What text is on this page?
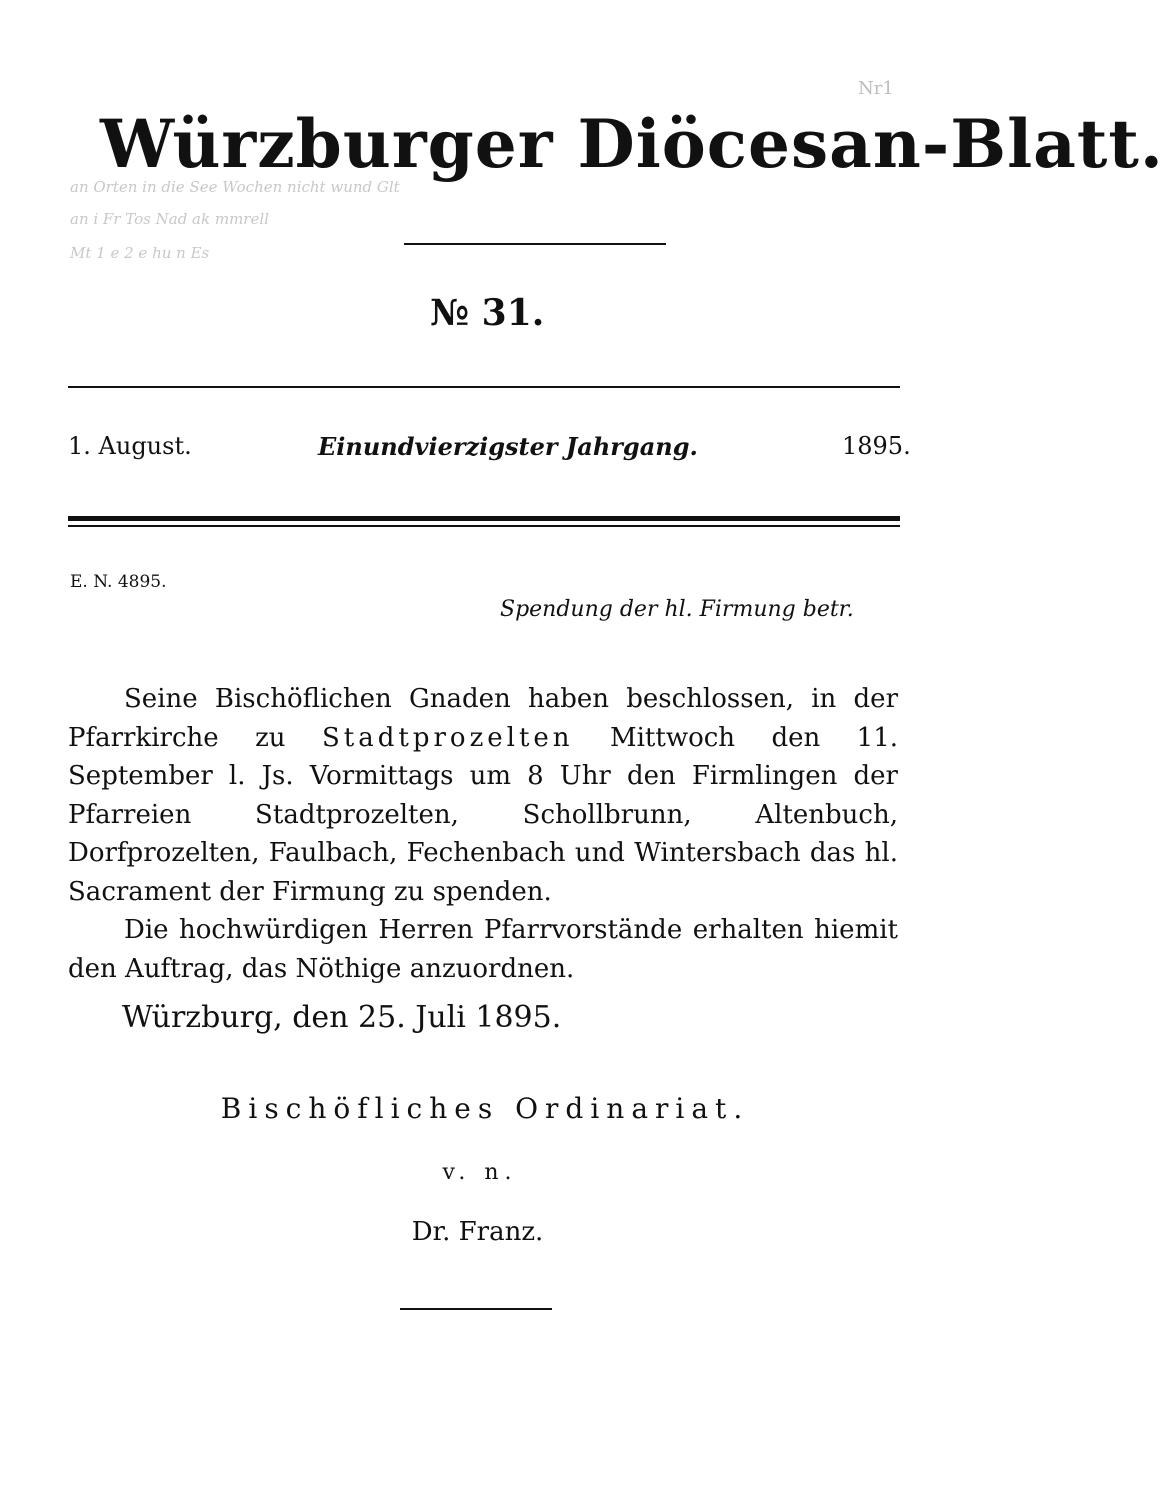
Würzburger Diöcesan-Blatt.
an Orten in die See Wochen nicht wund Glt
an i Fr Tos Nad ak mmrell
Mt 1 e 2 e hu n Es
Nr1
№ 31.
1. August.	Einundvierzigster Jahrgang.	1895.
E. N. 4895.
Spendung der hl. Firmung betr.

Seine Bischöflichen Gnaden haben beschlossen, in der Pfarrkirche zu Stadtprozelten Mittwoch den 11. September l. Js. Vormittags um 8 Uhr den Firmlingen der Pfarreien Stadtprozelten, Schollbrunn, Altenbuch, Dorfprozelten, Faulbach, Fechenbach und Wintersbach das hl. Sacrament der Firmung zu spenden.

Die hochwürdigen Herren Pfarrvorstände erhalten hiemit den Auftrag, das Nöthige anzuordnen.

Würzburg, den 25. Juli 1895.
Bischöfliches Ordinariat.
v. n.
Dr. Franz.
